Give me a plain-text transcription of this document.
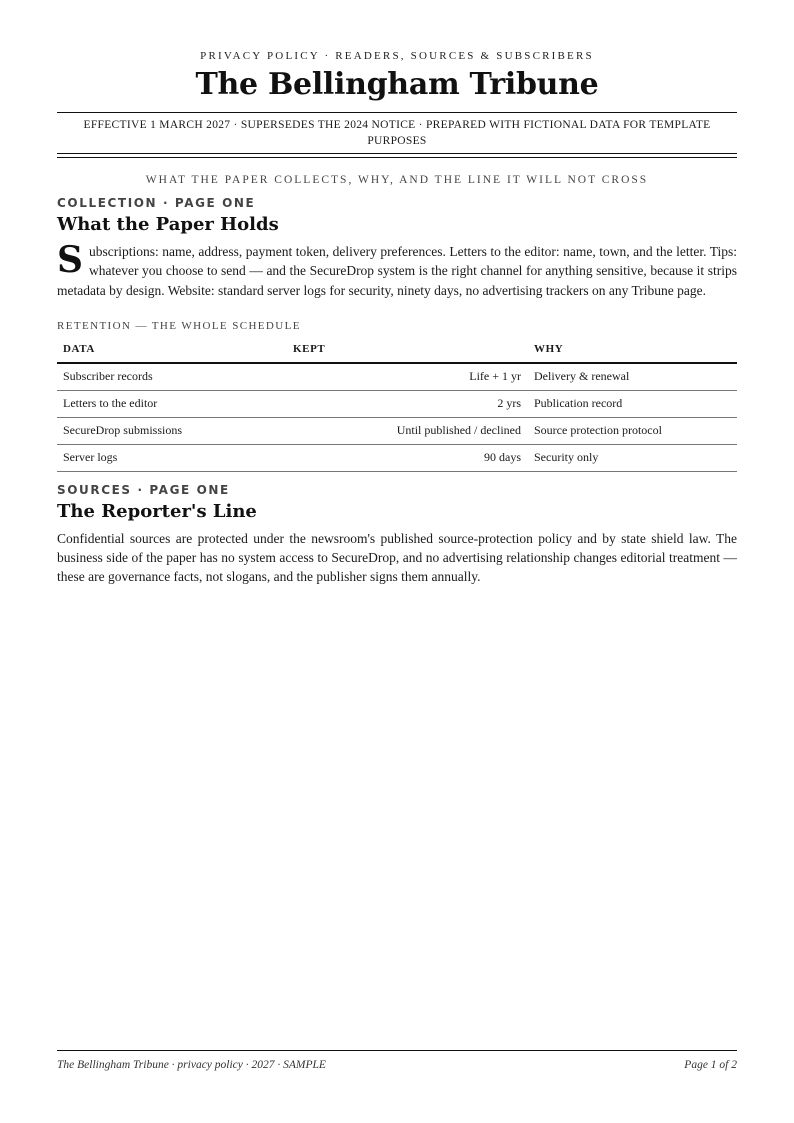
PRIVACY POLICY · READERS, SOURCES & SUBSCRIBERS
The Bellingham Tribune
EFFECTIVE 1 MARCH 2027 · SUPERSEDES THE 2024 NOTICE · PREPARED WITH FICTIONAL DATA FOR TEMPLATE PURPOSES
WHAT THE PAPER COLLECTS, WHY, AND THE LINE IT WILL NOT CROSS
COLLECTION · PAGE ONE
What the Paper Holds
Subscriptions: name, address, payment token, delivery preferences. Letters to the editor: name, town, and the letter. Tips: whatever you choose to send — and the SecureDrop system is the right channel for anything sensitive, because it strips metadata by design. Website: standard server logs for security, ninety days, no advertising trackers on any Tribune page.
RETENTION — THE WHOLE SCHEDULE
DATA	KEPT	WHY
Subscriber records	Life + 1 yr	Delivery & renewal
Letters to the editor	2 yrs	Publication record
SecureDrop submissions	Until published / declined	Source protection protocol
Server logs	90 days	Security only
SOURCES · PAGE ONE
The Reporter's Line
Confidential sources are protected under the newsroom's published source-protection policy and by state shield law. The business side of the paper has no system access to SecureDrop, and no advertising relationship changes editorial treatment — these are governance facts, not slogans, and the publisher signs them annually.
The Bellingham Tribune · privacy policy · 2027 · SAMPLE	Page 1 of 2
